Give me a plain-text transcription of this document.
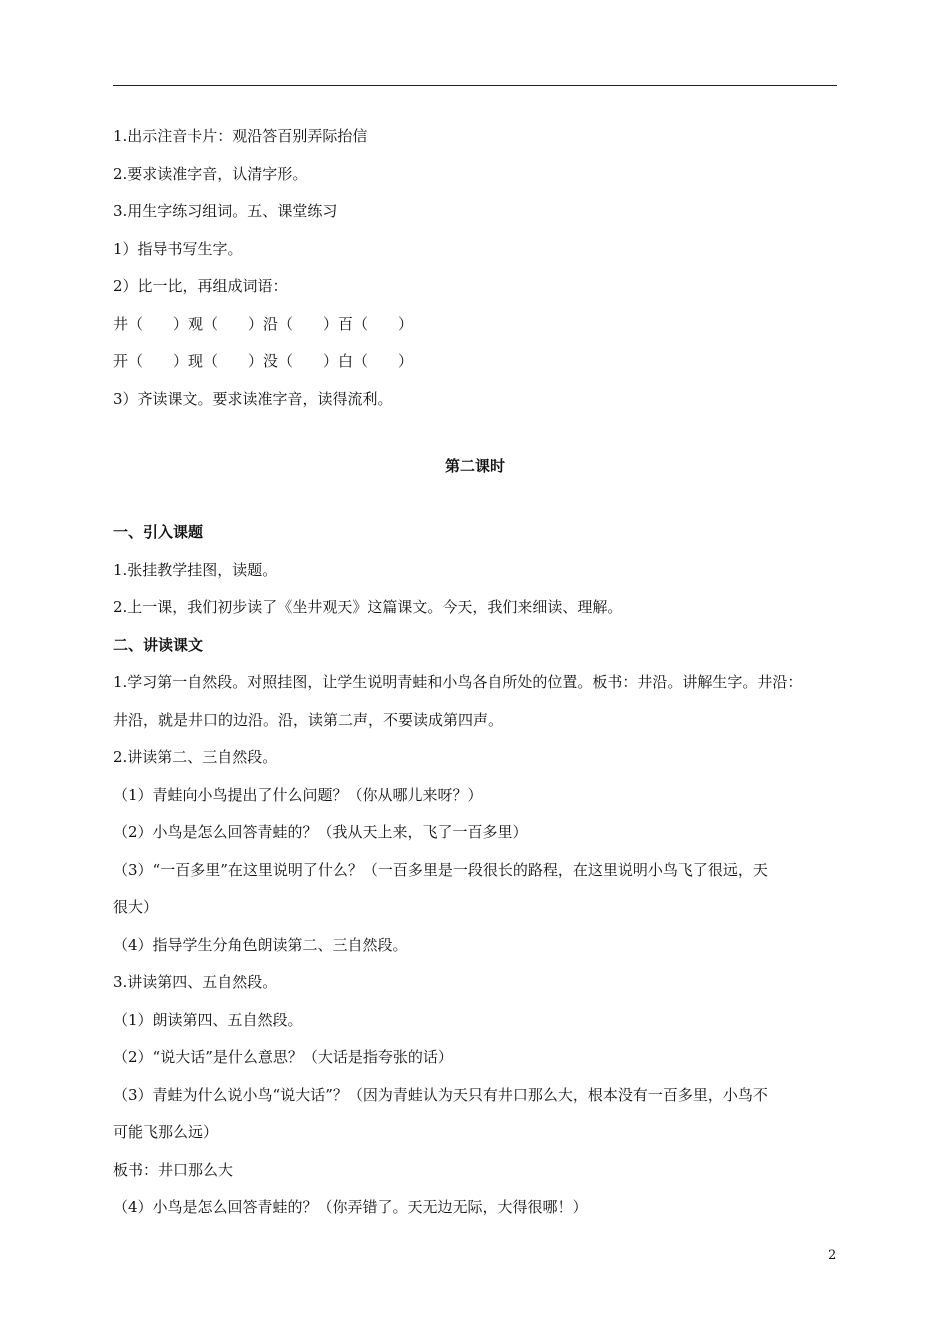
1.出示注音卡片：观沿答百别弄际抬信
2.要求读准字音，认清字形。
3.用生字练习组词。五、课堂练习
1）指导书写生字。
2）比一比，再组成词语：
井（　　）观（　　）沿（　　）百（　　）
开（　　）现（　　）没（　　）白（　　）
3）齐读课文。要求读准字音，读得流利。
第二课时
一、引入课题
1.张挂教学挂图，读题。
2.上一课，我们初步读了《坐井观天》这篇课文。今天，我们来细读、理解。
二、讲读课文
1.学习第一自然段。对照挂图，让学生说明青蛙和小鸟各自所处的位置。板书：井沿。讲解生字。井沿：
井沿，就是井口的边沿。沿，读第二声，不要读成第四声。
2.讲读第二、三自然段。
（1）青蛙向小鸟提出了什么问题？（你从哪儿来呀？）
（2）小鸟是怎么回答青蛙的？（我从天上来，飞了一百多里）
（3）“一百多里”在这里说明了什么？（一百多里是一段很长的路程，在这里说明小鸟飞了很远，天
很大）
（4）指导学生分角色朗读第二、三自然段。
3.讲读第四、五自然段。
（1）朗读第四、五自然段。
（2）“说大话”是什么意思？（大话是指夸张的话）
（3）青蛙为什么说小鸟“说大话”？（因为青蛙认为天只有井口那么大，根本没有一百多里，小鸟不
可能飞那么远）
板书：井口那么大
（4）小鸟是怎么回答青蛙的？（你弄错了。天无边无际，大得很哪！）
2
